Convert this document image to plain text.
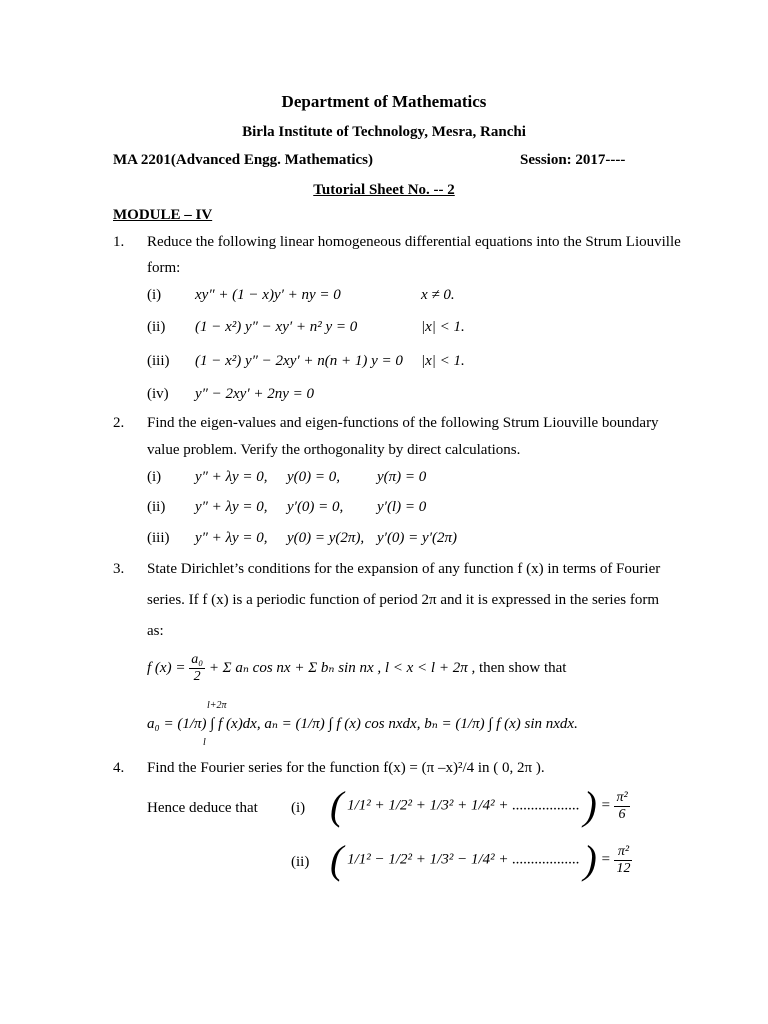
Department of Mathematics
Birla Institute of Technology, Mesra, Ranchi
MA 2201(Advanced Engg. Mathematics)	Session: 2017----
Tutorial Sheet No. -- 2
MODULE – IV
1. Reduce the following linear homogeneous differential equations into the Strum Liouville
form:
(i) xy″ + (1 − x)y′ + ny = 0	x ≠ 0.
(ii) (1 − x²) y″ − xy′ + n² y = 0	|x| < 1.
(iii) (1 − x²) y″ − 2xy′ + n(n + 1) y = 0 |x| < 1.
(iv) y″ − 2xy′ + 2ny = 0
2. Find the eigen-values and eigen-functions of the following Strum Liouville boundary
value problem. Verify the orthogonality by direct calculations.
(i) y″ + λy = 0, y(0) = 0, y(π) = 0
(ii) y″ + λy = 0, y′(0) = 0, y′(l) = 0
(iii) y″ + λy = 0, y(0) = y(2π), y′(0) = y′(2π)
3. State Dirichlet’s conditions for the expansion of any function f (x) in terms of Fourier
series. If f (x) is a periodic function of period 2π and it is expressed in the series form
as:
f $(x) = \frac{\text{a₀}}{2} + \Sigma$ aₙ cos nx + Σ bₙ sin nx , l < x < l + 2π , then show that
l+2π
a₀ = (1/π) ∫ f (x)dx, aₙ = (1/π) ∫ f (x) cos nxdx, bₙ = (1/π) ∫ f (x) sin nxdx.
l
4. Find the Fourier series for the function f(x) = (π –x)²/4 in ( 0, 2π ).
Hence deduce that (i) ( 1/1² + 1/2² + 1/3² + 1/4² + .................. ) = $\frac{\text{π²}}{6}$
(ii) ( 1/1² − 1/2² + 1/3² − 1/4² + .................. ) = $\frac{\text{π²}}{12}$
